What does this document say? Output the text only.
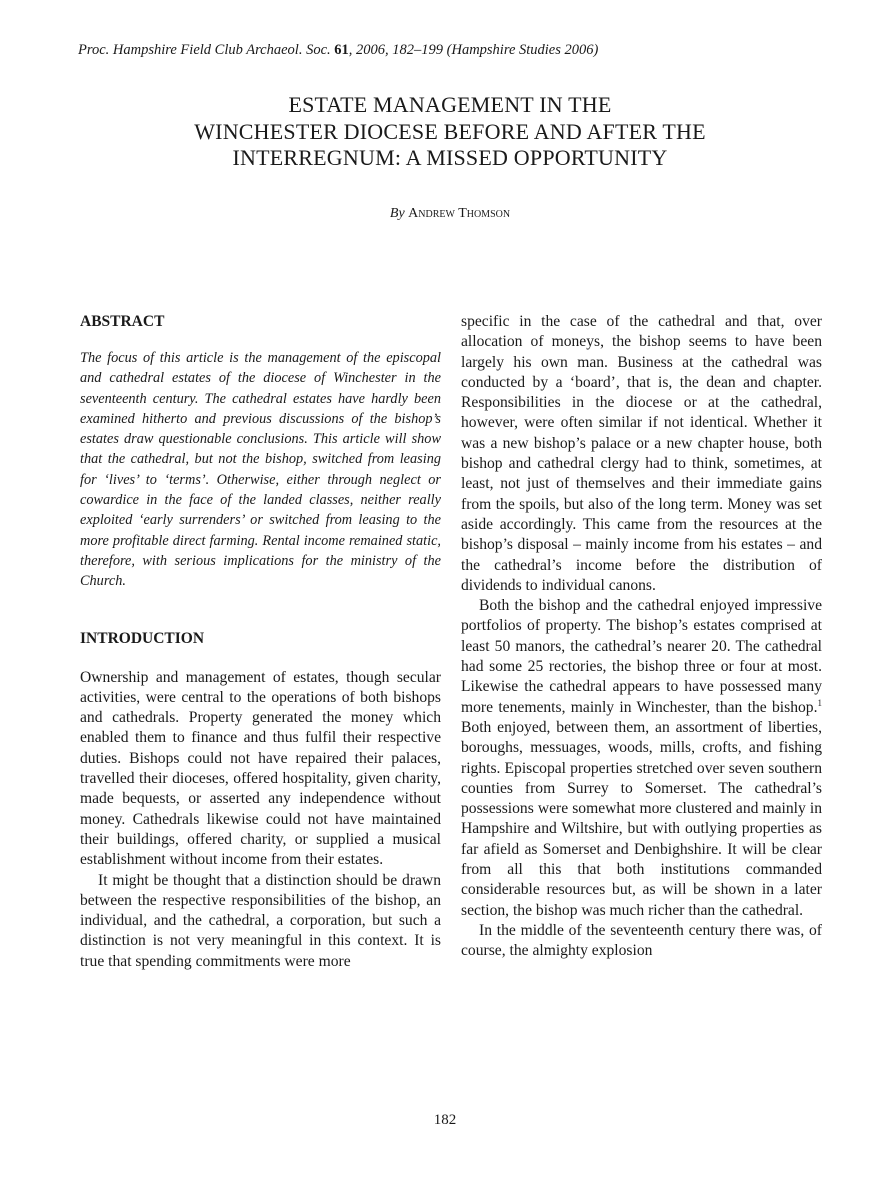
Proc. Hampshire Field Club Archaeol. Soc. 61, 2006, 182–199 (Hampshire Studies 2006)
ESTATE MANAGEMENT IN THE
WINCHESTER DIOCESE BEFORE AND AFTER THE
INTERREGNUM: A MISSED OPPORTUNITY
By Andrew Thomson
ABSTRACT

The focus of this article is the management of the episcopal and cathedral estates of the diocese of Winchester in the seventeenth century. The cathedral estates have hardly been examined hitherto and previous discussions of the bishop’s estates draw questionable conclusions. This article will show that the cathedral, but not the bishop, switched from leasing for ‘lives’ to ‘terms’. Otherwise, either through neglect or cowardice in the face of the landed classes, neither really exploited ‘early surrenders’ or switched from leasing to the more profitable direct farming. Rental income remained static, therefore, with serious implications for the ministry of the Church.

INTRODUCTION

Ownership and management of estates, though secular activities, were central to the operations of both bishops and cathedrals. Property generated the money which enabled them to finance and thus fulfil their respective duties. Bishops could not have repaired their palaces, travelled their dioceses, offered hospitality, given charity, made bequests, or asserted any independence without money. Cathedrals likewise could not have maintained their buildings, offered charity, or supplied a musical establishment without income from their estates.

It might be thought that a distinction should be drawn between the respective responsibilities of the bishop, an individual, and the cathedral, a corporation, but such a distinction is not very meaningful in this context. It is true that spending commitments were more

specific in the case of the cathedral and that, over allocation of moneys, the bishop seems to have been largely his own man. Business at the cathedral was conducted by a ‘board’, that is, the dean and chapter. Responsibilities in the diocese or at the cathedral, however, were often similar if not identical. Whether it was a new bishop’s palace or a new chapter house, both bishop and cathedral clergy had to think, sometimes, at least, not just of themselves and their immediate gains from the spoils, but also of the long term. Money was set aside accordingly. This came from the resources at the bishop’s disposal – mainly income from his estates – and the cathedral’s income before the distribution of dividends to individual canons.

Both the bishop and the cathedral enjoyed impressive portfolios of property. The bishop’s estates comprised at least 50 manors, the cathedral’s nearer 20. The cathedral had some 25 rectories, the bishop three or four at most. Likewise the cathedral appears to have possessed many more tenements, mainly in Winchester, than the bishop.$^1$ Both enjoyed, between them, an assortment of liberties, boroughs, messuages, woods, mills, crofts, and fishing rights. Episcopal properties stretched over seven southern counties from Surrey to Somerset. The cathedral’s possessions were somewhat more clustered and mainly in Hampshire and Wiltshire, but with outlying properties as far afield as Somerset and Denbighshire. It will be clear from all this that both institutions commanded considerable resources but, as will be shown in a later section, the bishop was much richer than the cathedral.

In the middle of the seventeenth century there was, of course, the almighty explosion

182
